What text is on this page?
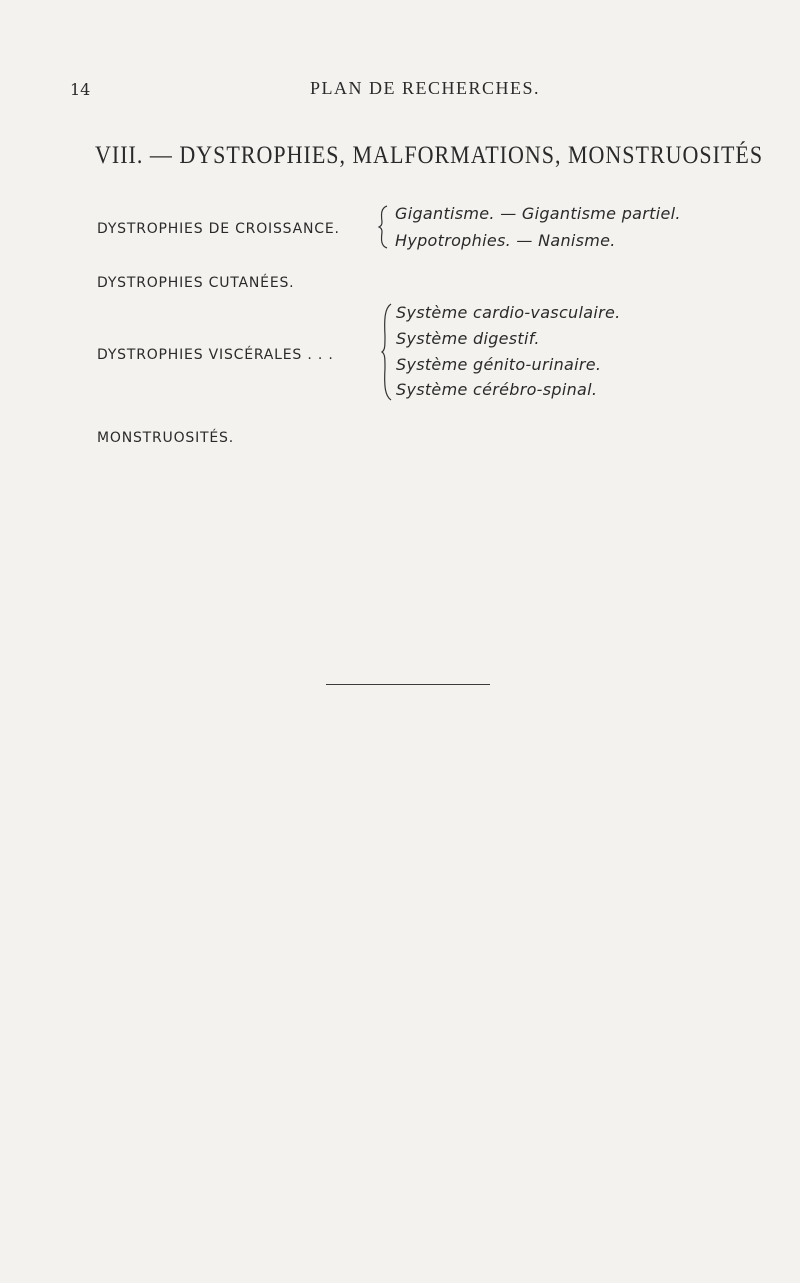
14	PLAN DE RECHERCHES.
VIII. — DYSTROPHIES, MALFORMATIONS, MONSTRUOSITÉS
DYSTROPHIES DE CROISSANCE.
Gigantisme. — Gigantisme partiel.
Hypotrophies. — Nanisme.
DYSTROPHIES CUTANÉES.
DYSTROPHIES VISCÉRALES . . .
Système cardio-vasculaire.
Système digestif.
Système génito-urinaire.
Système cérébro-spinal.
MONSTRUOSITÉS.
